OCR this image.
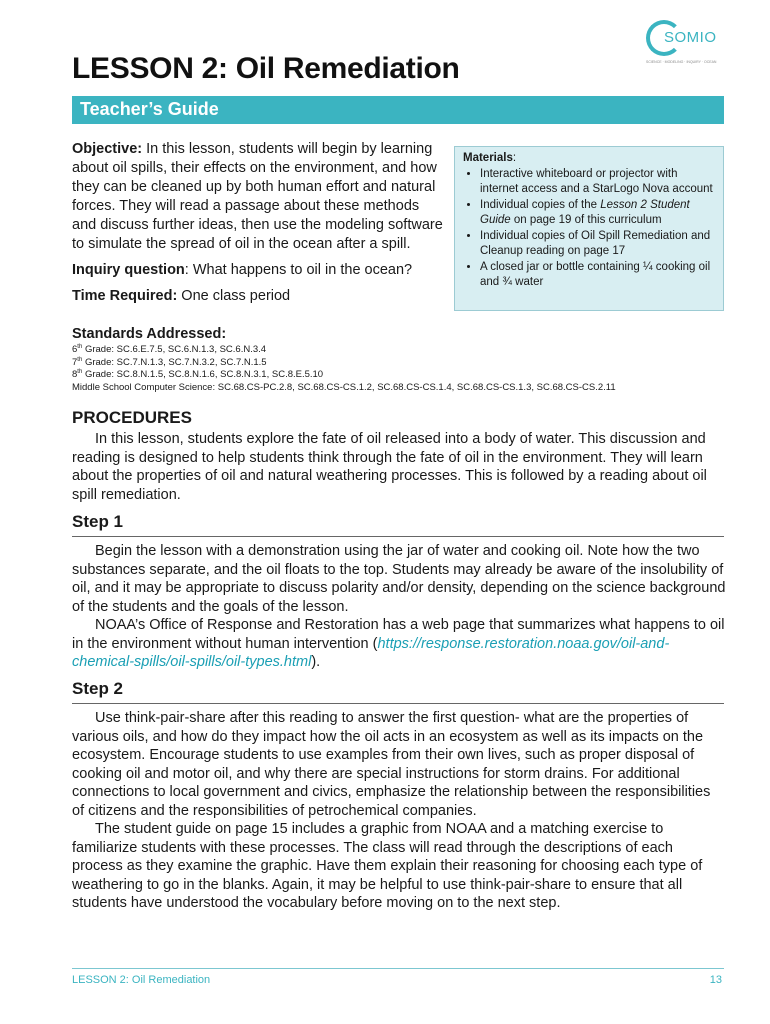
SOMIO
SCIENCE · MODELING · INQUIRY · OCEAN
LESSON 2: Oil Remediation
Teacher’s Guide

Objective: In this lesson, students will begin by learning about oil spills, their effects on the environment, and how they can be cleaned up by both human effort and natural forces. They will read a passage about these methods and discuss further ideas, then use the modeling software to simulate the spread of oil in the ocean after a spill.

Inquiry question: What happens to oil in the ocean?

Time Required: One class period

Materials:
• Interactive whiteboard or projector with internet access and a StarLogo Nova account
• Individual copies of the Lesson 2 Student Guide on page 19 of this curriculum
• Individual copies of Oil Spill Remediation and Cleanup reading on page 17
• A closed jar or bottle containing ¼ cooking oil and ¾ water
Standards Addressed:
6th Grade: SC.6.E.7.5, SC.6.N.1.3, SC.6.N.3.4
7th Grade: SC.7.N.1.3, SC.7.N.3.2, SC.7.N.1.5
8th Grade: SC.8.N.1.5, SC.8.N.1.6, SC.8.N.3.1, SC.8.E.5.10
Middle School Computer Science: SC.68.CS-PC.2.8, SC.68.CS-CS.1.2, SC.68.CS-CS.1.4, SC.68.CS-CS.1.3, SC.68.CS-CS.2.11
PROCEDURES

In this lesson, students explore the fate of oil released into a body of water. This discussion and reading is designed to help students think through the fate of oil in the environment. They will learn about the properties of oil and natural weathering processes. This is followed by a reading about oil spill remediation.

Step 1

Begin the lesson with a demonstration using the jar of water and cooking oil. Note how the two substances separate, and the oil floats to the top. Students may already be aware of the insolubility of oil, and it may be appropriate to discuss polarity and/or density, depending on the science background of the students and the goals of the lesson.

NOAA’s Office of Response and Restoration has a web page that summarizes what happens to oil in the environment without human intervention (https://response.restoration.noaa.gov/oil-and-chemical-spills/oil-spills/oil-types.html).

Step 2

Use think-pair-share after this reading to answer the first question- what are the properties of various oils, and how do they impact how the oil acts in an ecosystem as well as its impacts on the ecosystem. Encourage students to use examples from their own lives, such as proper disposal of cooking oil and motor oil, and why there are special instructions for storm drains. For additional connections to local government and civics, emphasize the relationship between the responsibilities of citizens and the responsibilities of petrochemical companies.

The student guide on page 15 includes a graphic from NOAA and a matching exercise to familiarize students with these processes. The class will read through the descriptions of each process as they examine the graphic. Have them explain their reasoning for choosing each type of weathering to go in the blanks. Again, it may be helpful to use think-pair-share to ensure that all students have understood the vocabulary before moving on to the next step.

LESSON 2: Oil Remediation	13
